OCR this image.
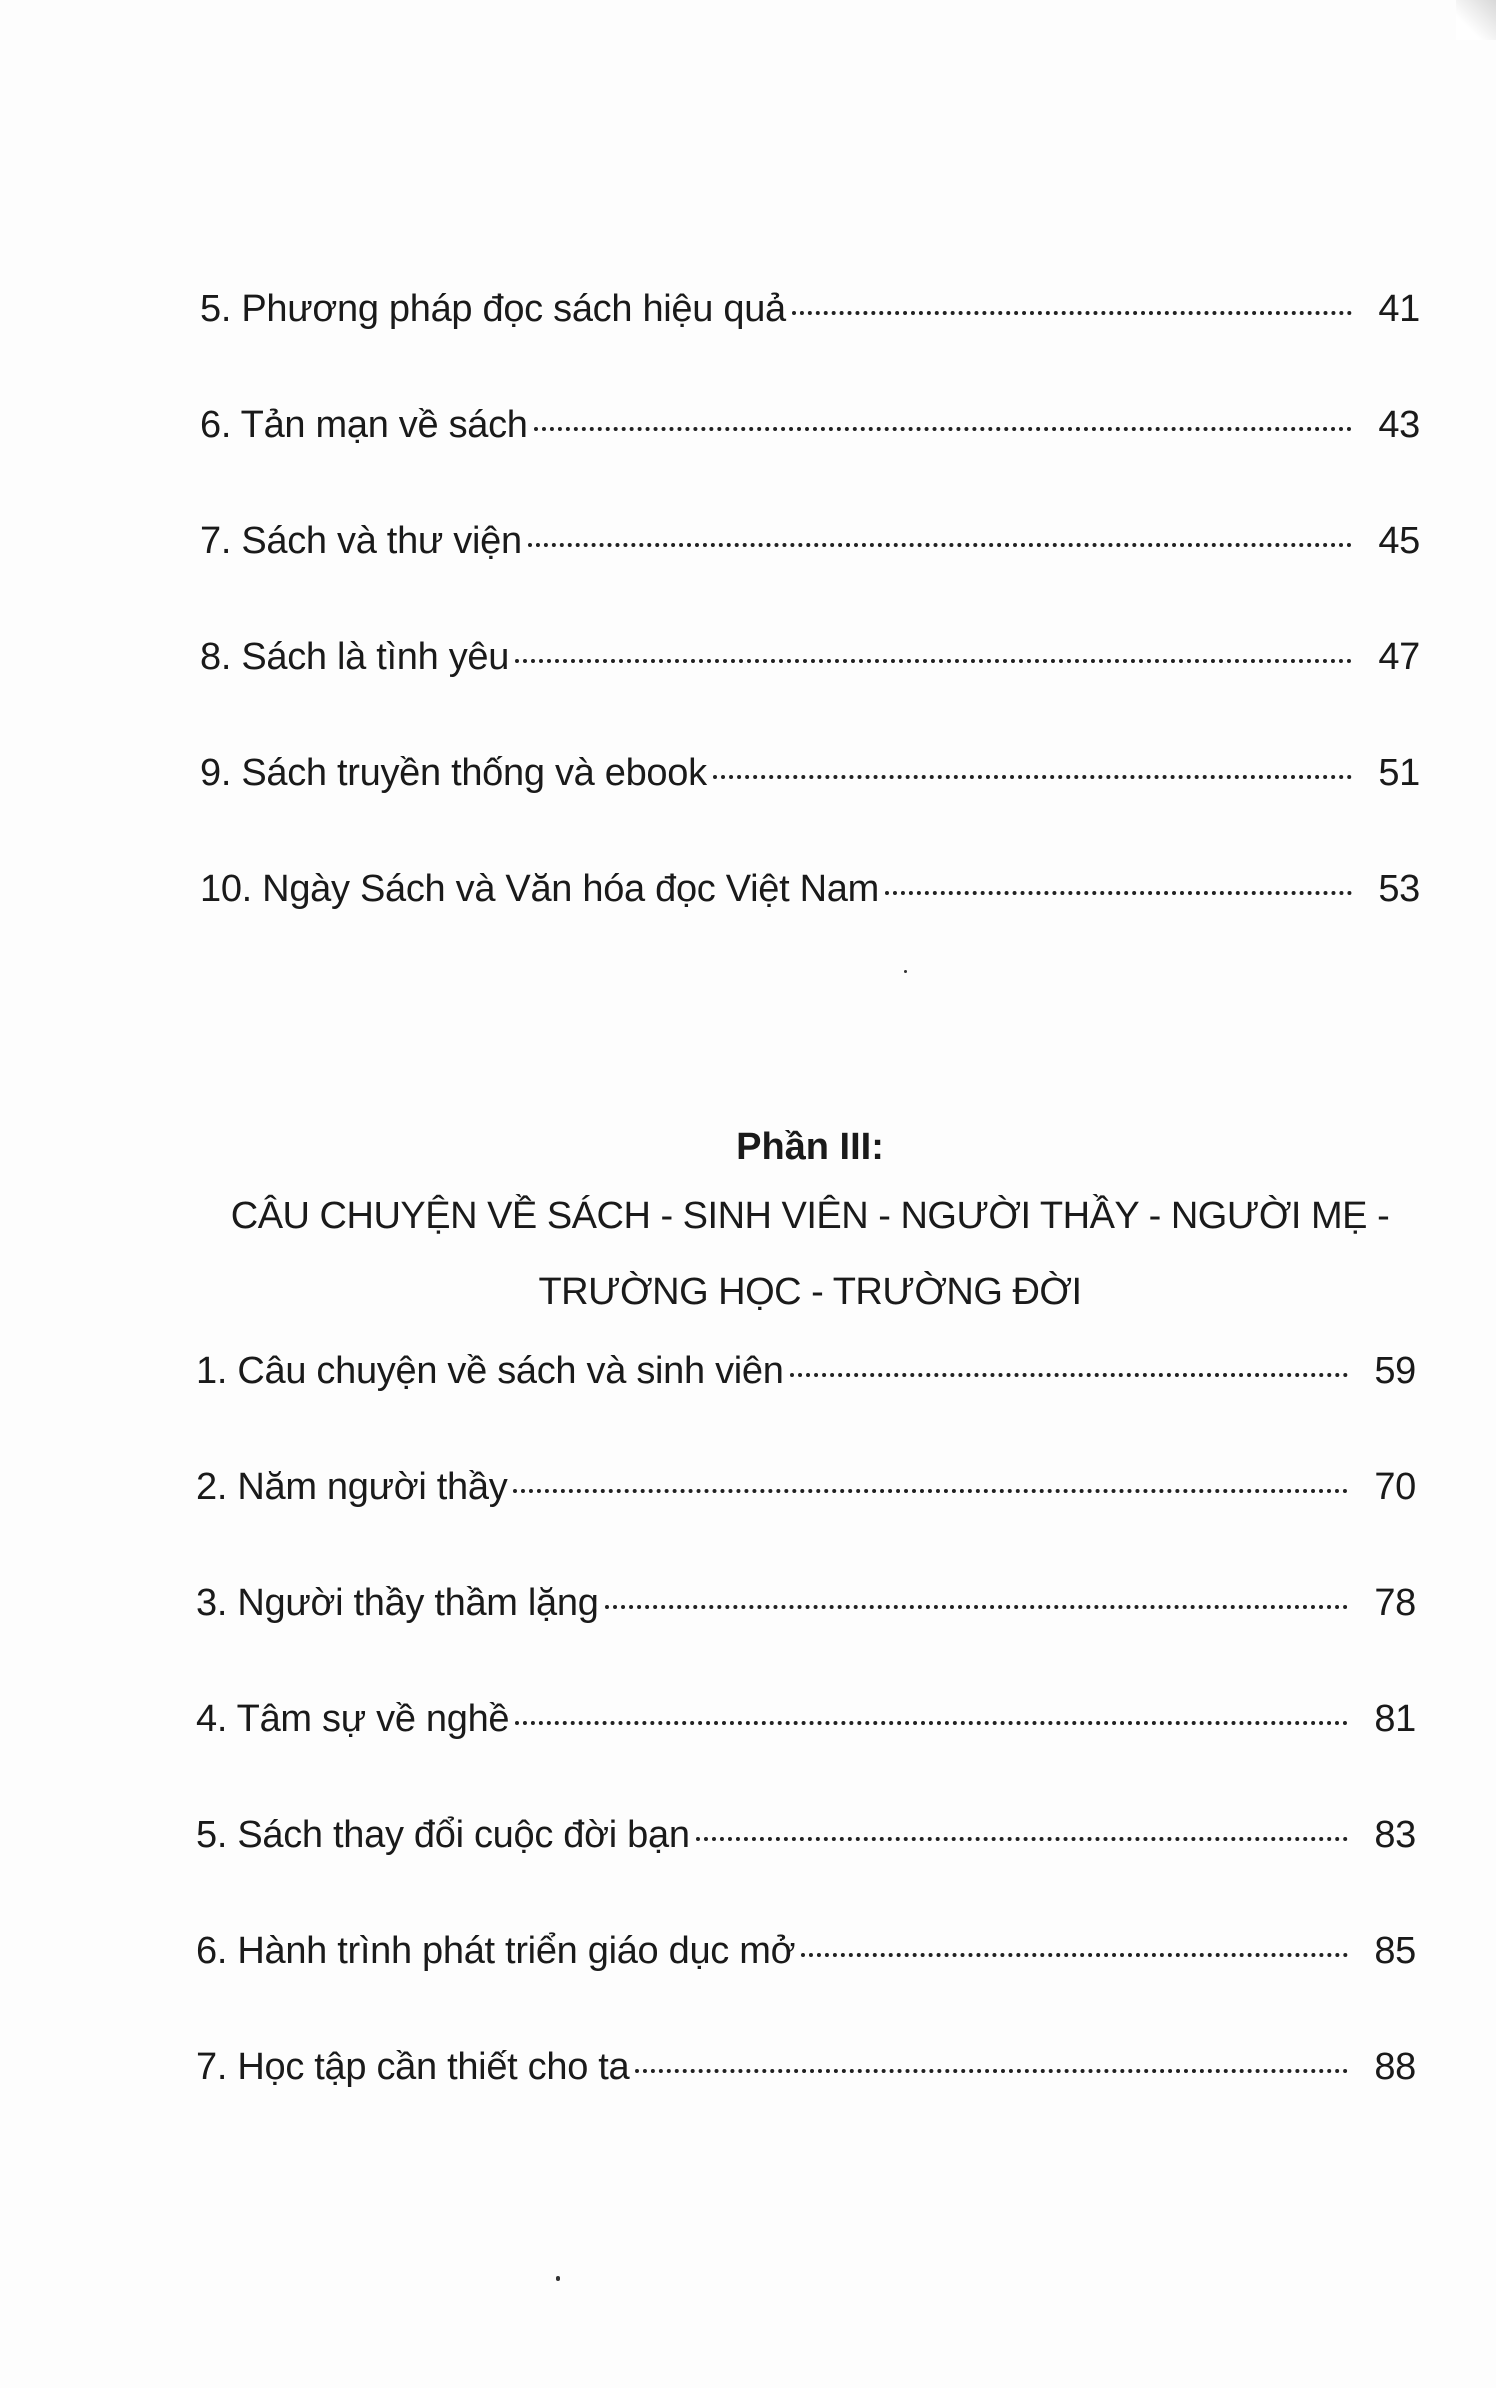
5. Phương pháp đọc sách hiệu quả	41
6. Tản mạn về sách	43
7. Sách và thư viện	45
8. Sách là tình yêu	47
9. Sách truyền thống và ebook	51
10. Ngày Sách và Văn hóa đọc Việt Nam	53

Phần III:

CÂU CHUYỆN VỀ SÁCH - SINH VIÊN - NGƯỜI THẦY - NGƯỜI MẸ -

TRƯỜNG HỌC - TRƯỜNG ĐỜI

1. Câu chuyện về sách và sinh viên	59
2. Năm người thầy	70
3. Người thầy thầm lặng	78
4. Tâm sự về nghề	81
5. Sách thay đổi cuộc đời bạn	83
6. Hành trình phát triển giáo dục mở	85
7. Học tập cần thiết cho ta	88
